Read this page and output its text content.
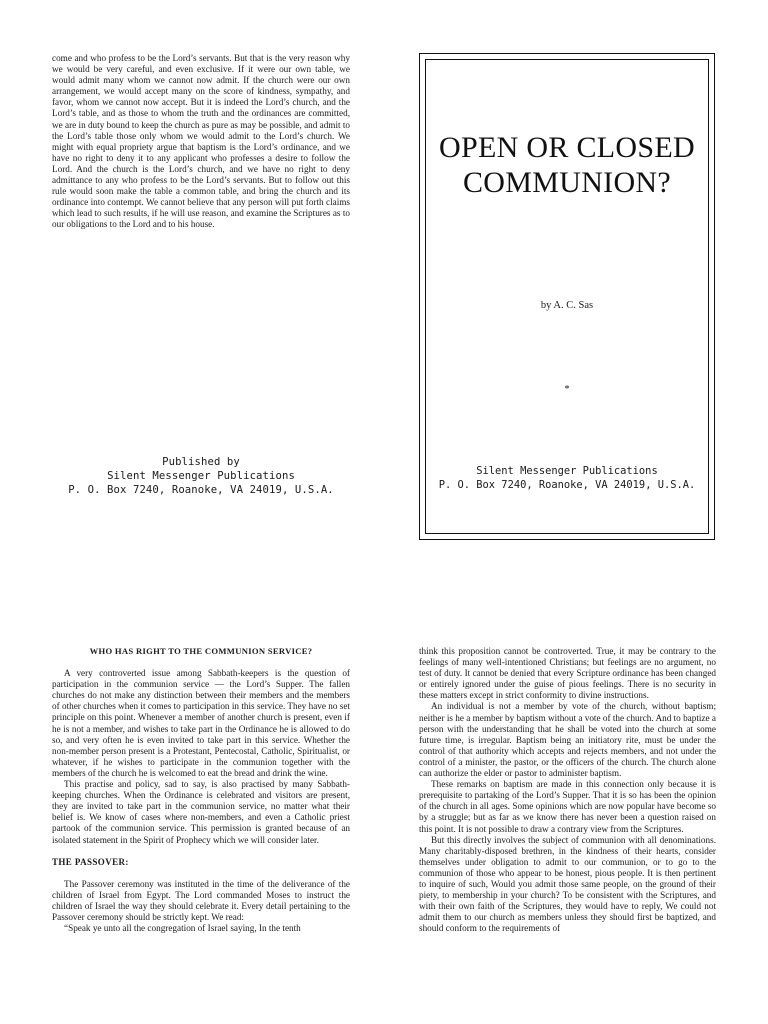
come and who profess to be the Lord’s servants. But that is the very reason why we would be very careful, and even exclusive. If it were our own table, we would admit many whom we cannot now admit. If the church were our own arrangement, we would accept many on the score of kindness, sympathy, and favor, whom we cannot now accept. But it is indeed the Lord’s church, and the Lord’s table, and as those to whom the truth and the ordinances are committed, we are in duty bound to keep the church as pure as may be possible, and admit to the Lord’s table those only whom we would admit to the Lord’s church. We might with equal propriety argue that baptism is the Lord’s ordinance, and we have no right to deny it to any applicant who professes a desire to follow the Lord. And the church is the Lord’s church, and we have no right to deny admittance to any who profess to be the Lord’s servants. But to follow out this rule would soon make the table a common table, and bring the church and its ordinance into contempt. We cannot believe that any person will put forth claims which lead to such results, if he will use reason, and examine the Scriptures as to our obligations to the Lord and to his house.

Published by
Silent Messenger Publications
P. O. Box 7240, Roanoke, VA 24019, U.S.A.
OPEN OR CLOSED
COMMUNION?
by A. C. Sas
*
Silent Messenger Publications
P. O. Box 7240, Roanoke, VA 24019, U.S.A.

WHO HAS RIGHT TO THE COMMUNION SERVICE?

A very controverted issue among Sabbath-keepers is the question of participation in the communion service — the Lord’s Supper. The fallen churches do not make any distinction between their members and the members of other churches when it comes to participation in this service. They have no set principle on this point. Whenever a member of another church is present, even if he is not a member, and wishes to take part in the Ordinance he is allowed to do so, and very often he is even invited to take part in this service. Whether the non-member person present is a Protestant, Pentecostal, Catholic, Spiritualist, or whatever, if he wishes to participate in the communion together with the members of the church he is welcomed to eat the bread and drink the wine.

This practise and policy, sad to say, is also practised by many Sabbath-keeping churches. When the Ordinance is celebrated and visitors are present, they are invited to take part in the communion service, no matter what their belief is. We know of cases where non-members, and even a Catholic priest partook of the communion service. This permission is granted because of an isolated statement in the Spirit of Prophecy which we will consider later.

THE PASSOVER:

The Passover ceremony was instituted in the time of the deliverance of the children of Israel from Egypt. The Lord commanded Moses to instruct the children of Israel the way they should celebrate it. Every detail pertaining to the Passover ceremony should be strictly kept. We read:

“Speak ye unto all the congregation of Israel saying, In the tenth

think this proposition cannot be controverted. True, it may be contrary to the feelings of many well-intentioned Christians; but feelings are no argument, no test of duty. It cannot be denied that every Scripture ordinance has been changed or entirely ignored under the guise of pious feelings. There is no security in these matters except in strict conformity to divine instructions.

An individual is not a member by vote of the church, without baptism; neither is he a member by baptism without a vote of the church. And to baptize a person with the understanding that he shall be voted into the church at some future time, is irregular. Baptism being an initiatory rite, must be under the control of that authority which accepts and rejects members, and not under the control of a minister, the pastor, or the officers of the church. The church alone can authorize the elder or pastor to administer baptism.

These remarks on baptism are made in this connection only because it is prerequisite to partaking of the Lord’s Supper. That it is so has been the opinion of the church in all ages. Some opinions which are now popular have become so by a struggle; but as far as we know there has never been a question raised on this point. It is not possible to draw a contrary view from the Scriptures.

But this directly involves the subject of communion with all denominations. Many charitably-disposed brethren, in the kindness of their hearts, consider themselves under obligation to admit to our communion, or to go to the communion of those who appear to be honest, pious people. It is then pertinent to inquire of such, Would you admit those same people, on the ground of their piety, to membership in your church? To be consistent with the Scriptures, and with their own faith of the Scriptures, they would have to reply, We could not admit them to our church as members unless they should first be baptized, and should conform to the requirements of
